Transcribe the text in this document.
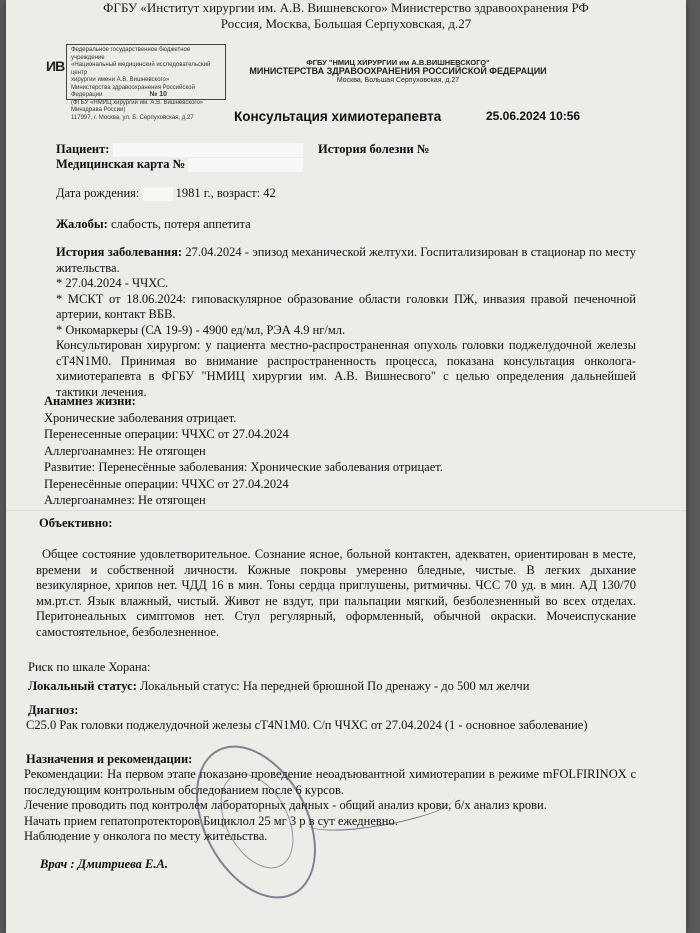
ФГБУ «Институт хирургии им. А.В. Вишневского» Министерство здравоохранения РФ
Россия, Москва, Большая Серпуховская, д.27
ИВ
Федеральное государственное бюджетное учреждение
«Национальный медицинский исследовательский центр
хирургии имени А.В. Вишневского»
Министерства здравоохранения Российской Федерации
(ФГБУ «НМИЦ хирургии им. А.В. Вишневского» Минздрава России)
117997, г. Москва, ул. Б. Серпуховская, д.27
№ 10
ФГБУ "НМИЦ ХИРУРГИИ им А.В.ВИШНЕВСКОГО"
МИНИСТЕРСТВА ЗДРАВООХРАНЕНИЯ РОССИЙСКОЙ ФЕДЕРАЦИИ
Москва, Большая Серпуховская, д.27
Консультация химиотерапевта	25.06.2024 10:56
Пациент:	История болезни №
Медицинская карта №
Дата рождения:	1981 г., возраст: 42
Жалобы: слабость, потеря аппетита

История заболевания: 27.04.2024 - эпизод механической желтухи. Госпитализирован в стационар по месту жительства.

* 27.04.2024 - ЧЧХС.

* МСКТ от 18.06.2024: гиповаскулярное образование области головки ПЖ, инвазия правой печеночной артерии, контакт ВБВ.

* Онкомаркеры (СА 19-9) - 4900 ед/мл, РЭА 4.9 нг/мл.

Консультирован хирургом: у пациента местно-распространенная опухоль головки поджелудочной железы cT4N1M0. Принимая во внимание распространенность процесса, показана консультация онколога-химиотерапевта в ФГБУ "НМИЦ хирургии им. А.В. Вишнесвого" с целью определения дальнейшей тактики лечения.

Анамнез жизни:
Хронические заболевания отрицает.
Перенесенные операции: ЧЧХС от 27.04.2024
Аллергоанамнез: Не отягощен
Развитие: Перенесённые заболевания: Хронические заболевания отрицает.
Перенесённые операции: ЧЧХС от 27.04.2024
Аллергоанамнез: Не отягощен
Объективно:
Общее состояние удовлетворительное. Сознание ясное, больной контактен, адекватен, ориентирован в месте, времени и собственной личности. Кожные покровы умеренно бледные, чистые. В легких дыхание везикулярное, хрипов нет. ЧДД 16 в мин. Тоны сердца приглушены, ритмичны. ЧСС 70 уд. в мин. АД 130/70 мм.рт.ст. Язык влажный, чистый. Живот не вздут, при пальпации мягкий, безболезненный во всех отделах. Перитонеальных симптомов нет. Стул регулярный, оформленный, обычной окраски. Мочеиспускание самостоятельное, безболезненное.
Риск по шкале Хорана:
Локальный статус: Локальный статус: На передней брюшной По дренажу - до 500 мл желчи
Диагноз:
С25.0 Рак головки поджелудочной железы cT4N1M0. С/п ЧЧХС от 27.04.2024 (1 - основное заболевание)
Назначения и рекомендации:

Рекомендации: На первом этапе показано проведение неоадъювантной химиотерапии в режиме mFOLFIRINOX с последующим контрольным обследованием после 6 курсов.

Лечение проводить под контролем лабораторных данных - общий анализ крови, б/х анализ крови.

Начать прием гепатопротекторов Бициклол 25 мг 3 р в сут ежедневно.

Наблюдение у онколога по месту жительства.

Врач : Дмитриева Е.А.
